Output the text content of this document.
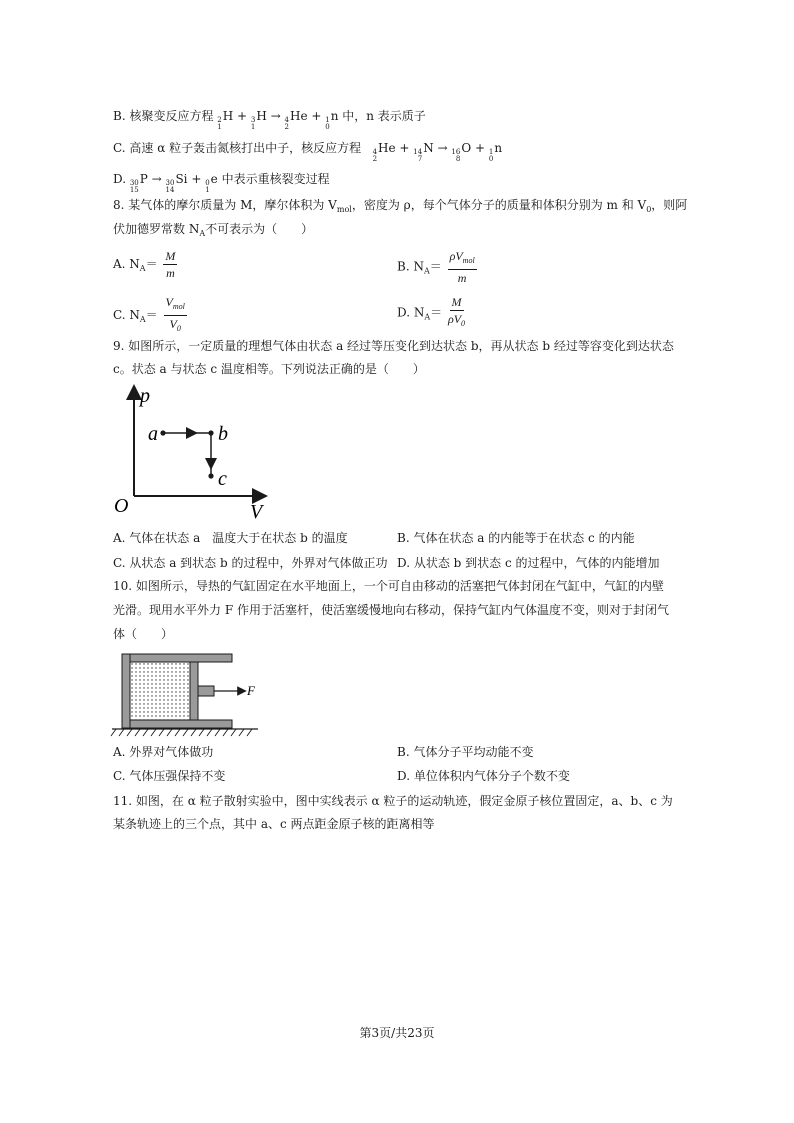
B. 核聚变反应方程 2
1
H + 3
1
H → 4
2
He + 1
0
n 中，n 表示质子
C. 高速 α 粒子轰击氮核打出中子，核反应方程 4
2
He + 14
7
N → 16
8
O + 1
0
n
D. 30
15
P → 30
14
Si + 0
1
e 中表示重核裂变过程
8. 某气体的摩尔质量为 M，摩尔体积为 $V_{mol}$，密度为 ρ，每个气体分子的质量和体积分别为 m 和 $V_0$，则阿
伏加德罗常数 $N_A$不可表示为（　　）
A. $N_A= \frac{M}{m}$	B. $N_A= \frac{\rho V_{mol}}{m}$
C. $N_A= \frac{V_{mol}}{V_0}$	D. $N_A= \frac{M}{\rho V_0}$
9. 如图所示，一定质量的理想气体由状态 a 经过等压变化到达状态 b，再从状态 b 经过等容变化到达状态
c。状态 a 与状态 c 温度相等。下列说法正确的是（　　）
p
V
O
a	b
c
A. 气体在状态 a　温度大于在状态 b 的温度	B. 气体在状态 a 的内能等于在状态 c 的内能
C. 从状态 a 到状态 b 的过程中，外界对气体做正功 D. 从状态 b 到状态 c 的过程中，气体的内能增加
10. 如图所示，导热的气缸固定在水平地面上，一个可自由移动的活塞把气体封闭在气缸中，气缸的内壁
光滑。现用水平外力 F 作用于活塞杆，使活塞缓慢地向右移动，保持气缸内气体温度不变，则对于封闭气
体（　　）
F
A. 外界对气体做功	B. 气体分子平均动能不变
C. 气体压强保持不变	D. 单位体积内气体分子个数不变
11. 如图，在 α 粒子散射实验中，图中实线表示 α 粒子的运动轨迹，假定金原子核位置固定，a、b、c 为
某条轨迹上的三个点，其中 a、c 两点距金原子核的距离相等
第3页/共23页
